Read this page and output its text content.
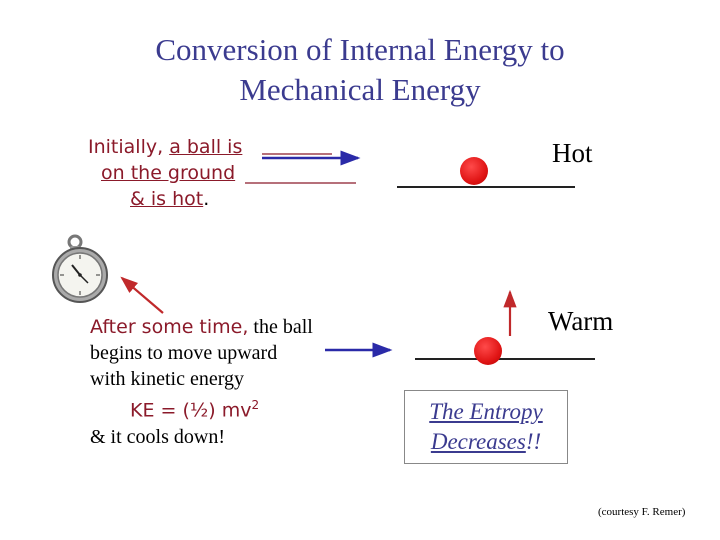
Conversion of Internal Energy to
Mechanical Energy
Initially, a ball is
on the ground
& is hot.
Hot
Warm
After some time, the ball
begins to move upward
with kinetic energy
KE = (½) $mv^2$
& it cools down!
The Entropy
Decreases!!
(courtesy F. Remer)
